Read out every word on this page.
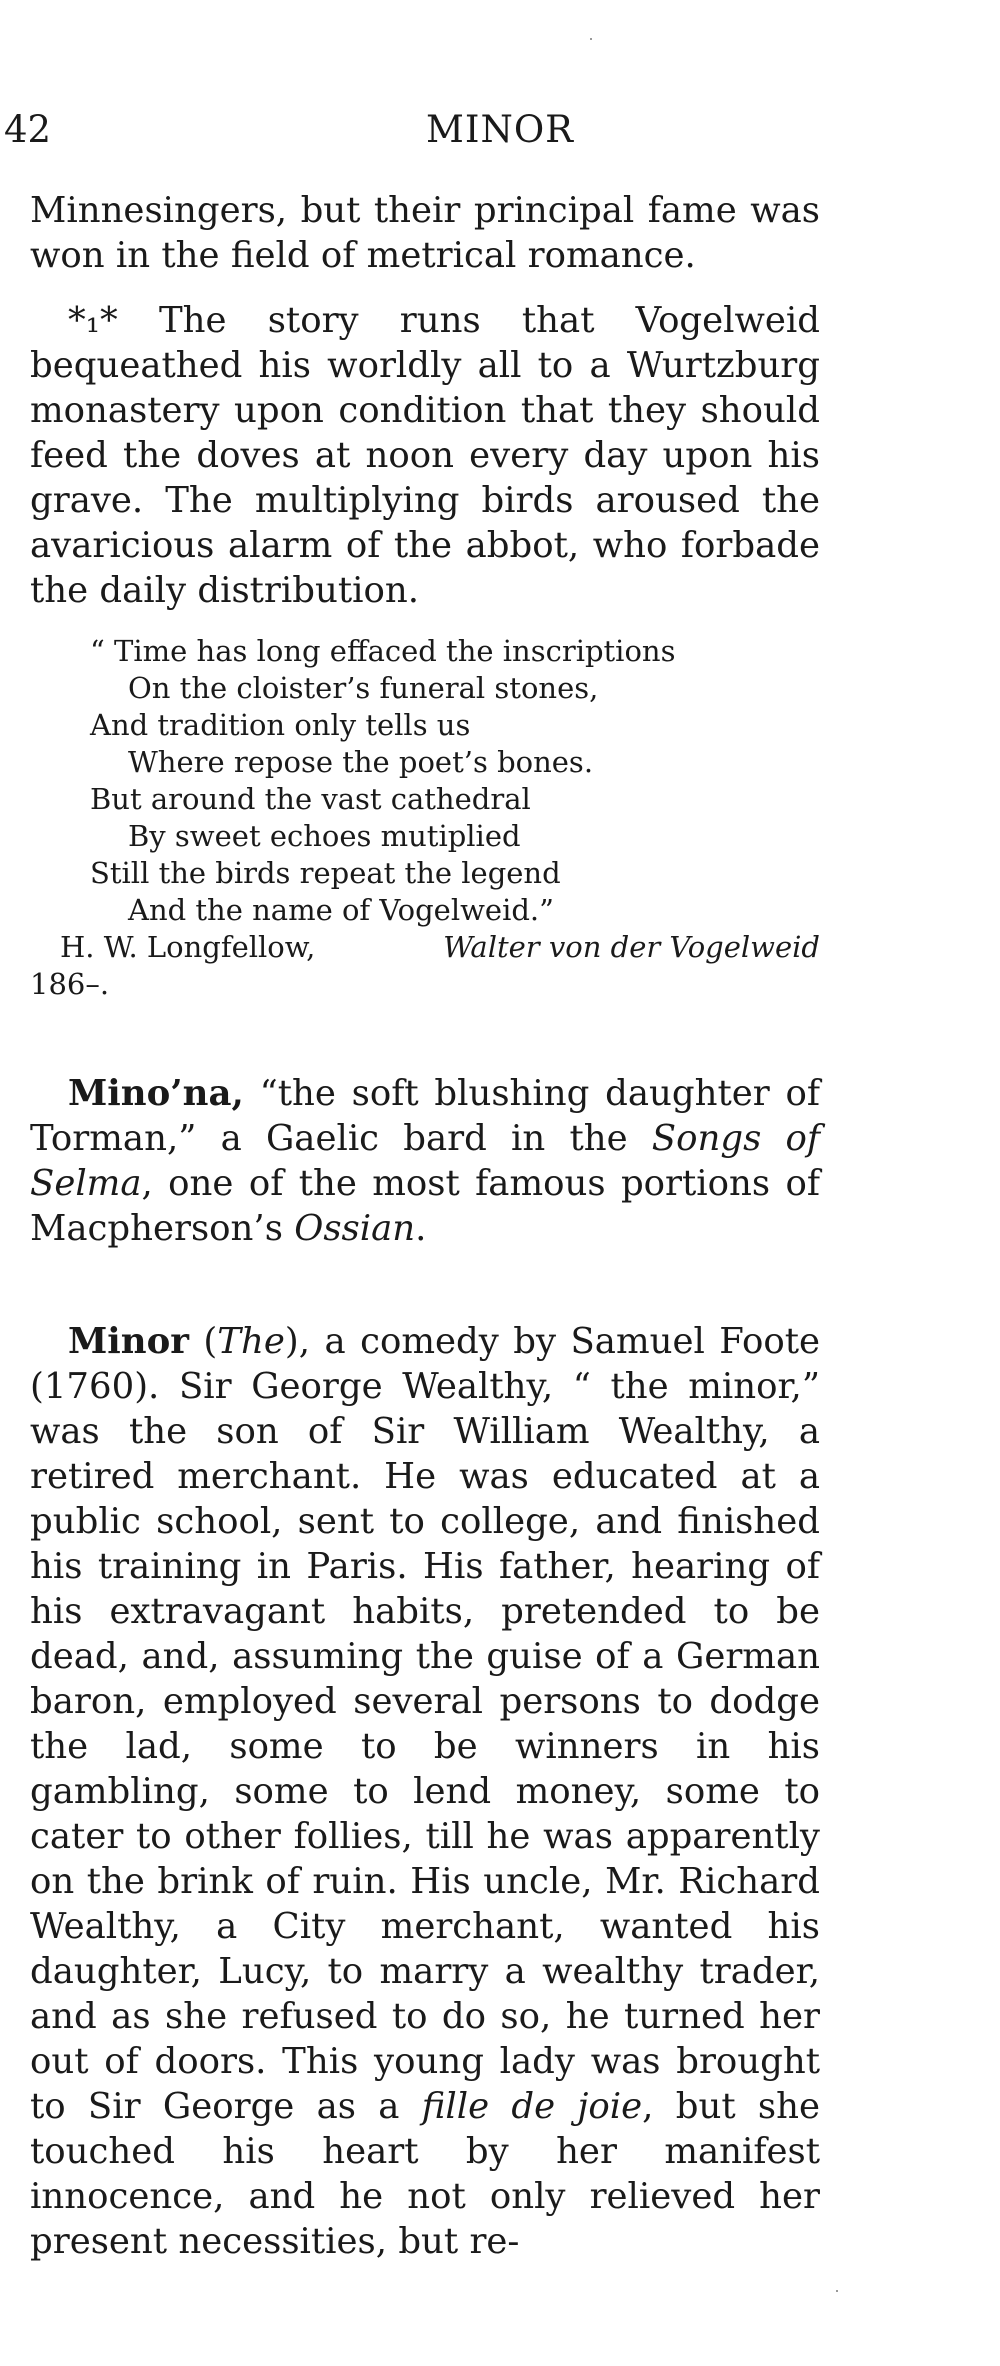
42	MINOR

Minnesingers, but their principal fame was won in the field of metrical romance.

*₁* The story runs that Vogelweid bequeathed his worldly all to a Wurtzburg monastery upon condition that they should feed the doves at noon every day upon his grave. The multiplying birds aroused the avaricious alarm of the abbot, who forbade the daily distribution.

“ Time has long effaced the inscriptions
On the cloister’s funeral stones,
And tradition only tells us
Where repose the poet’s bones.
But around the vast cathedral
By sweet echoes mutiplied
Still the birds repeat the legend
And the name of Vogelweid.”
H. W. Longfellow,	Walter von der Vogelweid
186–.

Mino’na, “the soft blushing daughter of Torman,” a Gaelic bard in the Songs of Selma, one of the most famous portions of Macpherson’s Ossian.

Minor (The), a comedy by Samuel Foote (1760). Sir George Wealthy, “ the minor,” was the son of Sir William Wealthy, a retired merchant. He was educated at a public school, sent to college, and finished his training in Paris. His father, hearing of his extravagant habits, pretended to be dead, and, assuming the guise of a German baron, employed several persons to dodge the lad, some to be winners in his gambling, some to lend money, some to cater to other follies, till he was apparently on the brink of ruin. His uncle, Mr. Richard Wealthy, a City merchant, wanted his daughter, Lucy, to marry a wealthy trader, and as she refused to do so, he turned her out of doors. This young lady was brought to Sir George as a fille de joie, but she touched his heart by her manifest innocence, and he not only relieved her present necessities, but re-
